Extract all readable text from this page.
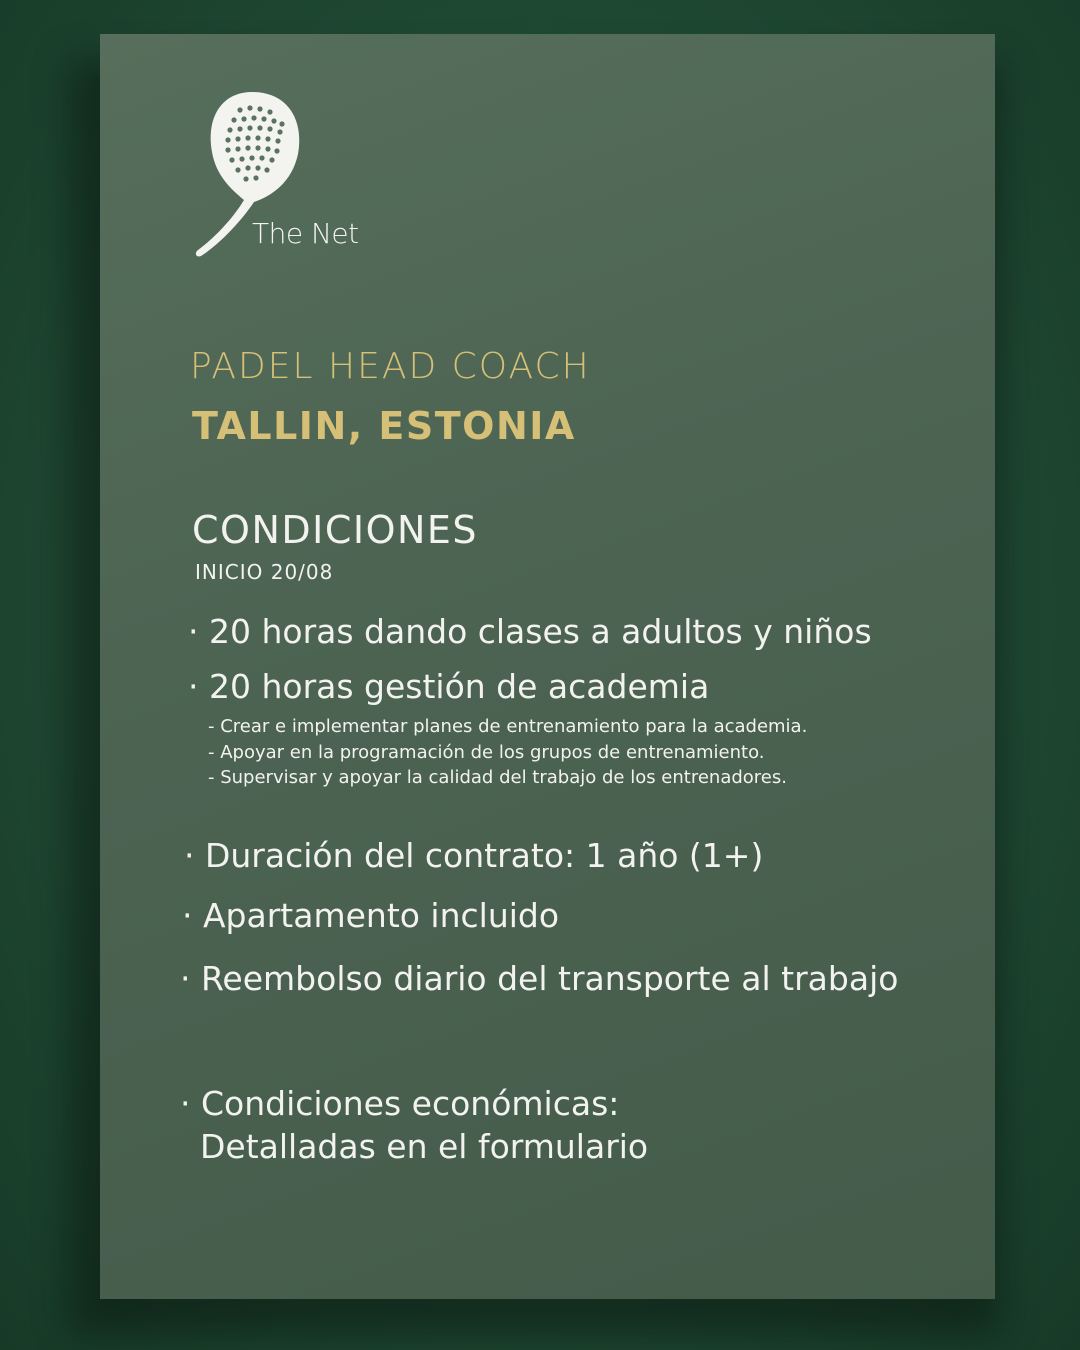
The Net
PADEL HEAD COACH
TALLIN, ESTONIA
CONDICIONES
INICIO 20/08
· 20 horas dando clases a adultos y niños
· 20 horas gestión de academia
- Crear e implementar planes de entrenamiento para la academia.
- Apoyar en la programación de los grupos de entrenamiento.
- Supervisar y apoyar la calidad del trabajo de los entrenadores.
· Duración del contrato: 1 año (1+)
· Apartamento incluido
· Reembolso diario del transporte al trabajo
· Condiciones económicas:
Detalladas en el formulario
